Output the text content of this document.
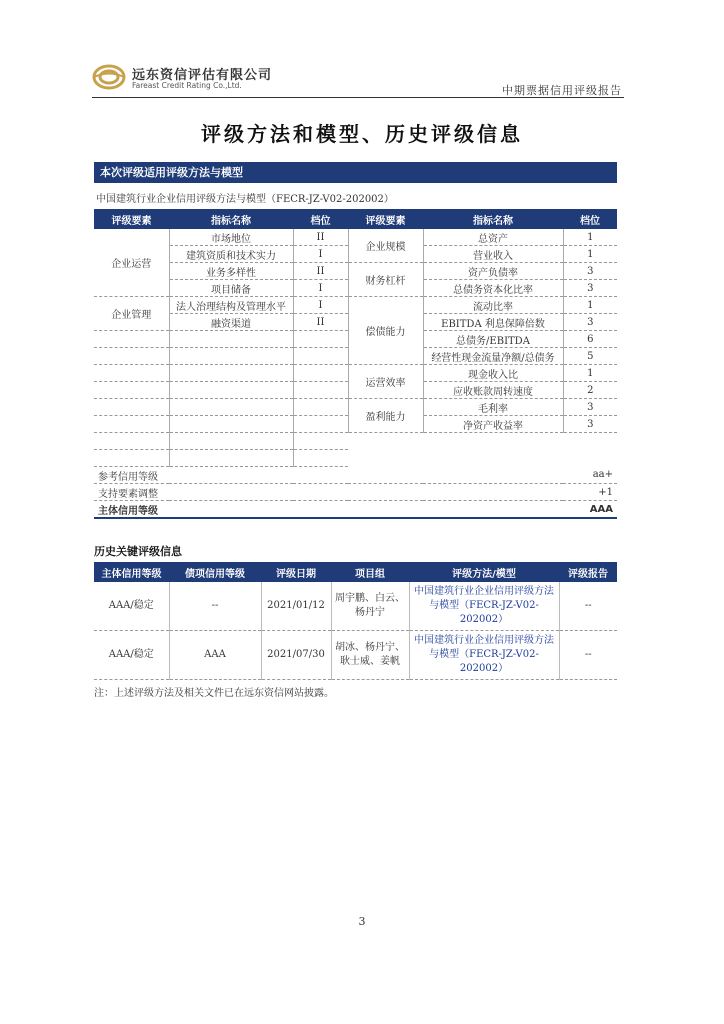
远东资信评估有限公司
Fareast Credit Rating Co.,Ltd.	中期票据信用评级报告
评级方法和模型、历史评级信息
本次评级适用评级方法与模型
中国建筑行业企业信用评级方法与模型（FECR-JZ-V02-202002）
评级要素	指标名称	档位	评级要素	指标名称	档位
企业运营	市场地位	II	企业规模	总资产	1
	建筑资质和技术实力	I		营业收入	1
	业务多样性	II	财务杠杆	资产负债率	3
	项目储备	I		总债务资本化比率	3
企业管理	法人治理结构及管理水平	I	偿债能力	流动比率	1
	融资渠道	II		EBITDA 利息保障倍数	3
				总债务/EBITDA	6
				经营性现金流量净额/总债务	5
			运营效率	现金收入比	1
				应收账款周转速度	2
			盈利能力	毛利率	3
				净资产收益率	3

参考信用等级					aa+
支持要素调整					+1
主体信用等级					AAA
历史关键评级信息
主体信用等级	债项信用等级	评级日期	项目组	评级方法/模型	评级报告
AAA/稳定	--	2021/01/12	周宇鹏、白云、杨丹宁	中国建筑行业企业信用评级方法与模型（FECR-JZ-V02-202002）	--
AAA/稳定	AAA	2021/07/30	胡冰、杨丹宁、耿士威、姜帆	中国建筑行业企业信用评级方法与模型（FECR-JZ-V02-202002）	--
注：上述评级方法及相关文件已在远东资信网站披露。
3
